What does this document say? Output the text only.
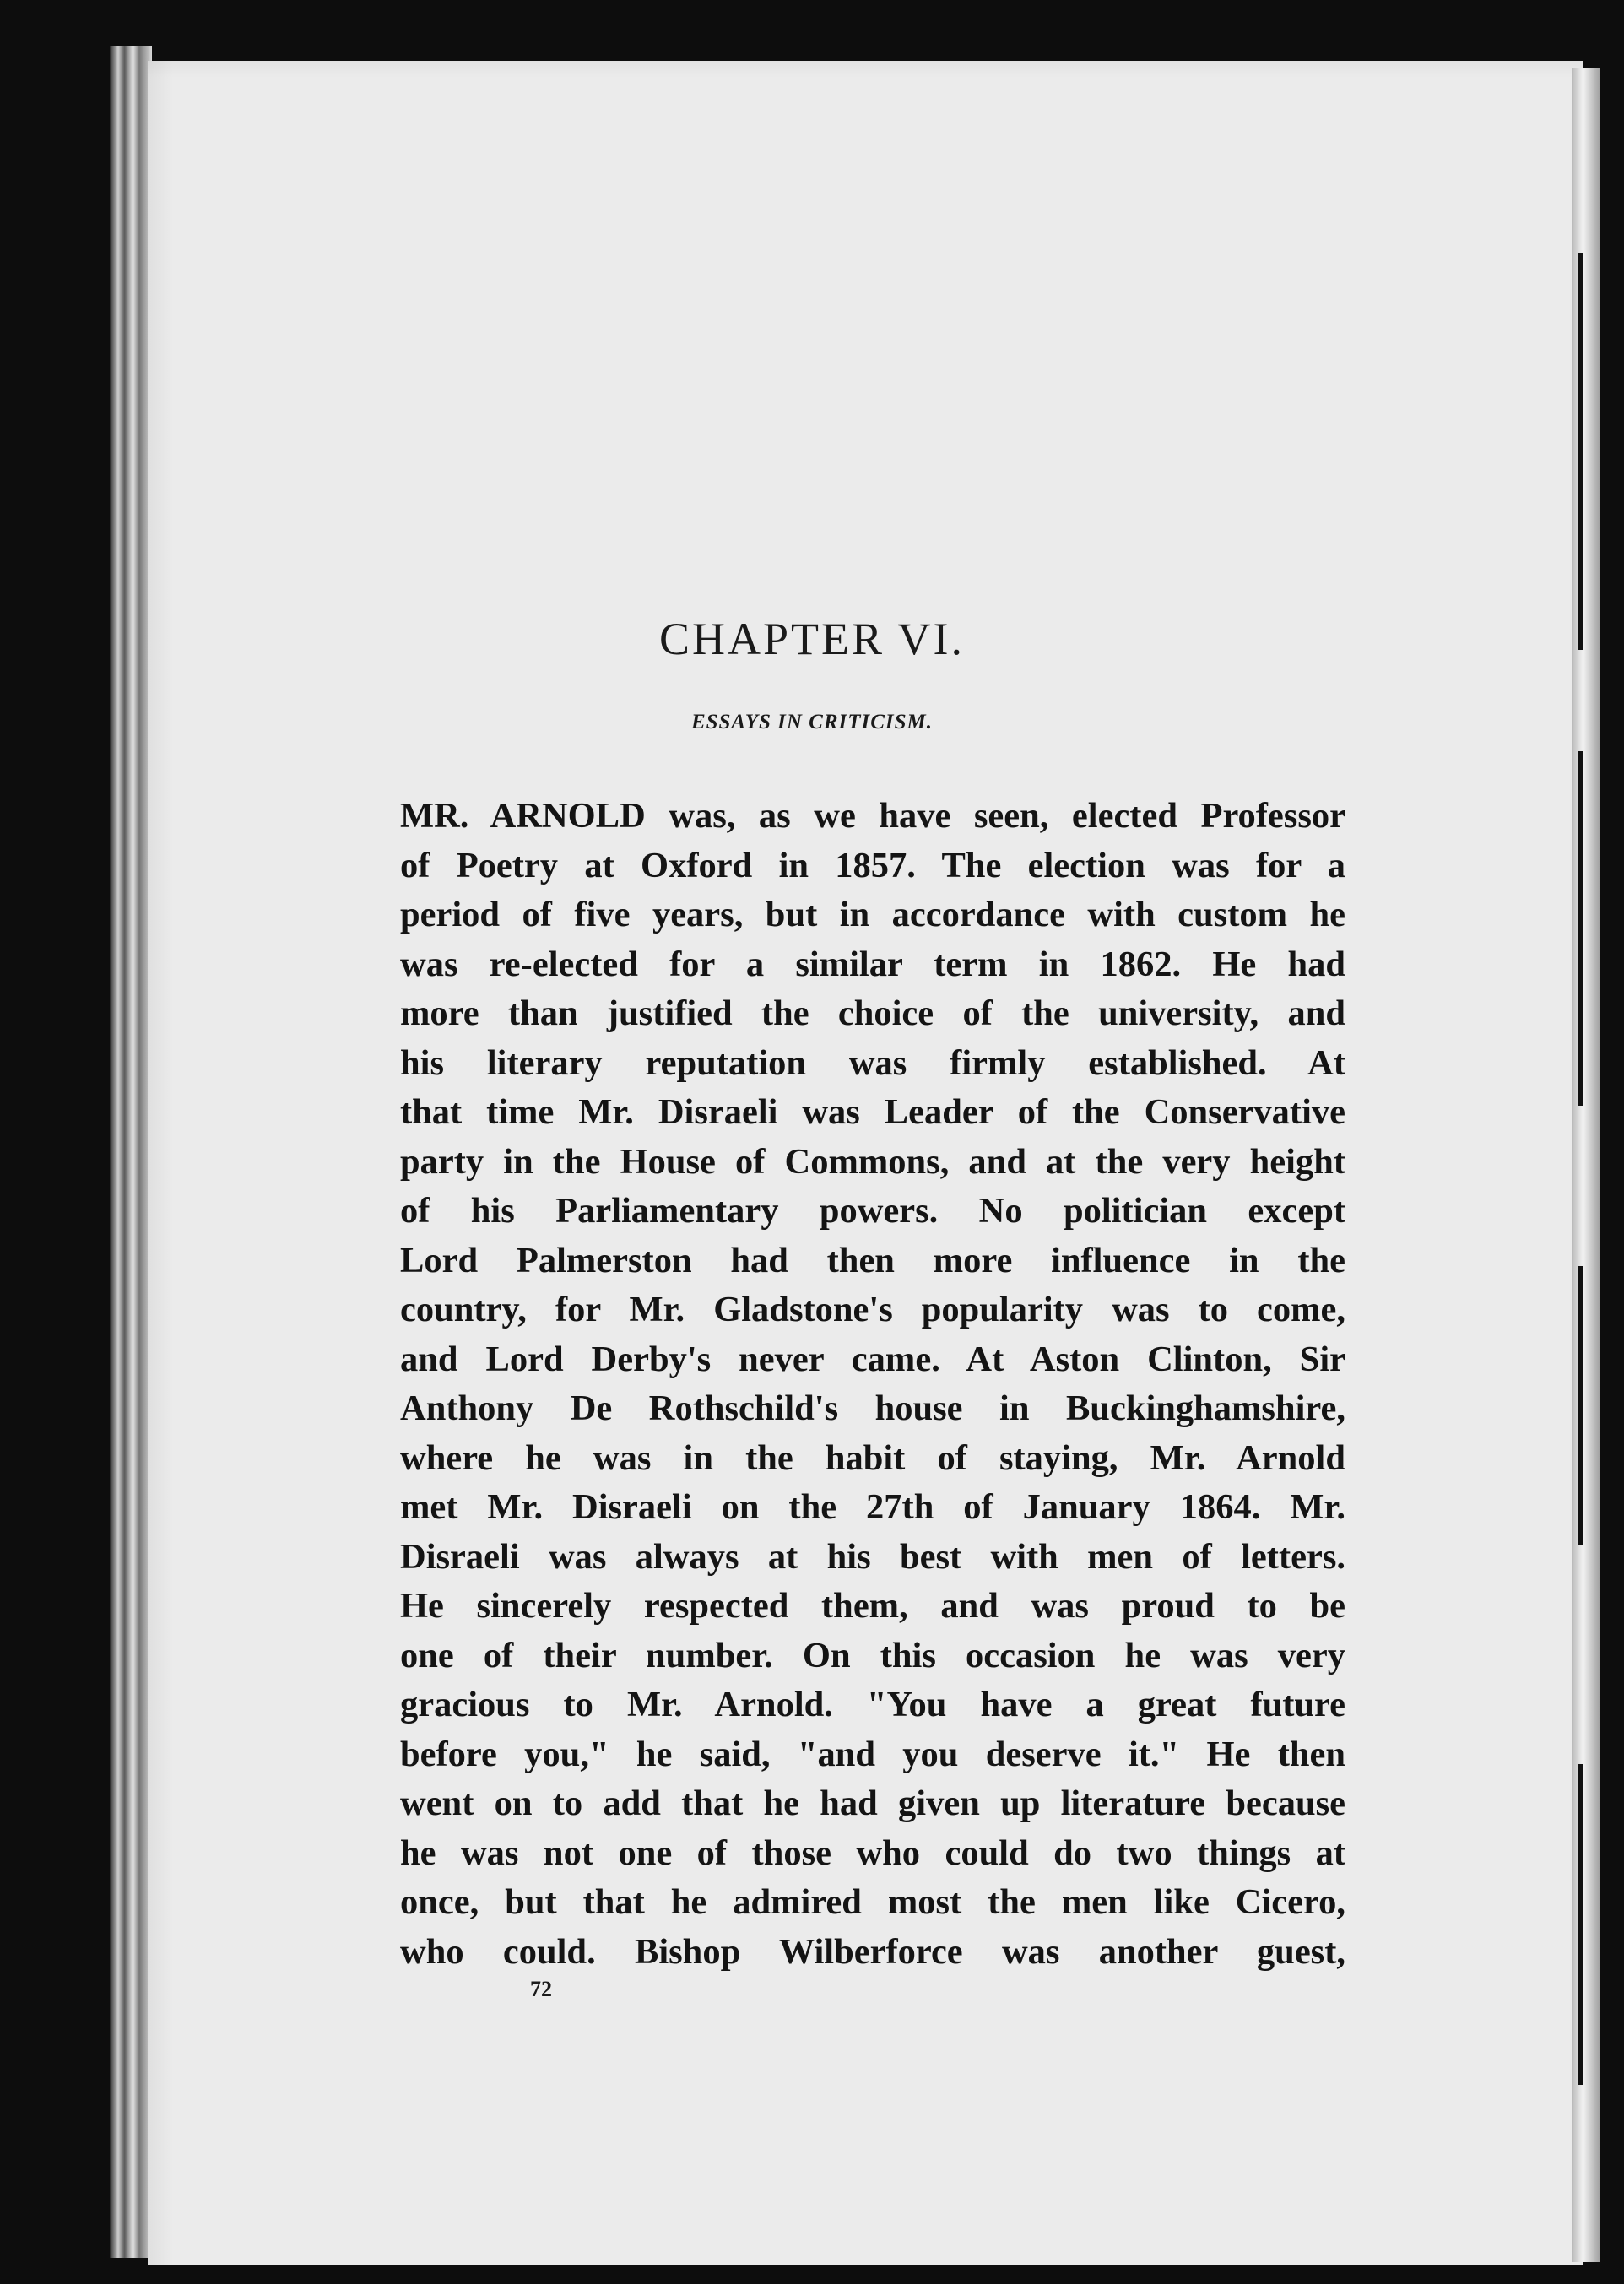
CHAPTER VI.
ESSAYS IN CRITICISM.
MR. ARNOLD was, as we have seen, elected Professor
of Poetry at Oxford in 1857. The election was for a
period of five years, but in accordance with custom he
was re-elected for a similar term in 1862. He had
more than justified the choice of the university, and
his literary reputation was firmly established. At
that time Mr. Disraeli was Leader of the Conservative
party in the House of Commons, and at the very height
of his Parliamentary powers. No politician except
Lord Palmerston had then more influence in the
country, for Mr. Gladstone's popularity was to come,
and Lord Derby's never came. At Aston Clinton, Sir
Anthony De Rothschild's house in Buckinghamshire,
where he was in the habit of staying, Mr. Arnold
met Mr. Disraeli on the 27th of January 1864. Mr.
Disraeli was always at his best with men of letters.
He sincerely respected them, and was proud to be
one of their number. On this occasion he was very
gracious to Mr. Arnold. "You have a great future
before you," he said, "and you deserve it." He then
went on to add that he had given up literature because
he was not one of those who could do two things at
once, but that he admired most the men like Cicero,
who could. Bishop Wilberforce was another guest,
72
